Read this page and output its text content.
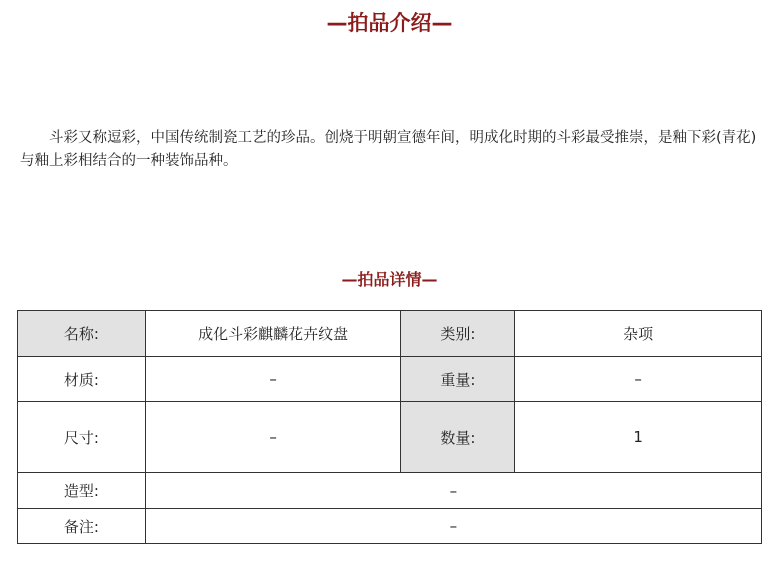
—拍品介绍—

斗彩又称逗彩，中国传统制瓷工艺的珍品。创烧于明朝宣德年间，明成化时期的斗彩最受推崇，是釉下彩(青花)与釉上彩相结合的一种装饰品种。

—拍品详情—
名称:	成化斗彩麒麟花卉纹盘	类别:	杂项
材质:	–	重量:	–
尺寸:	–	数量:	1
造型:	–		
备注:	–		
